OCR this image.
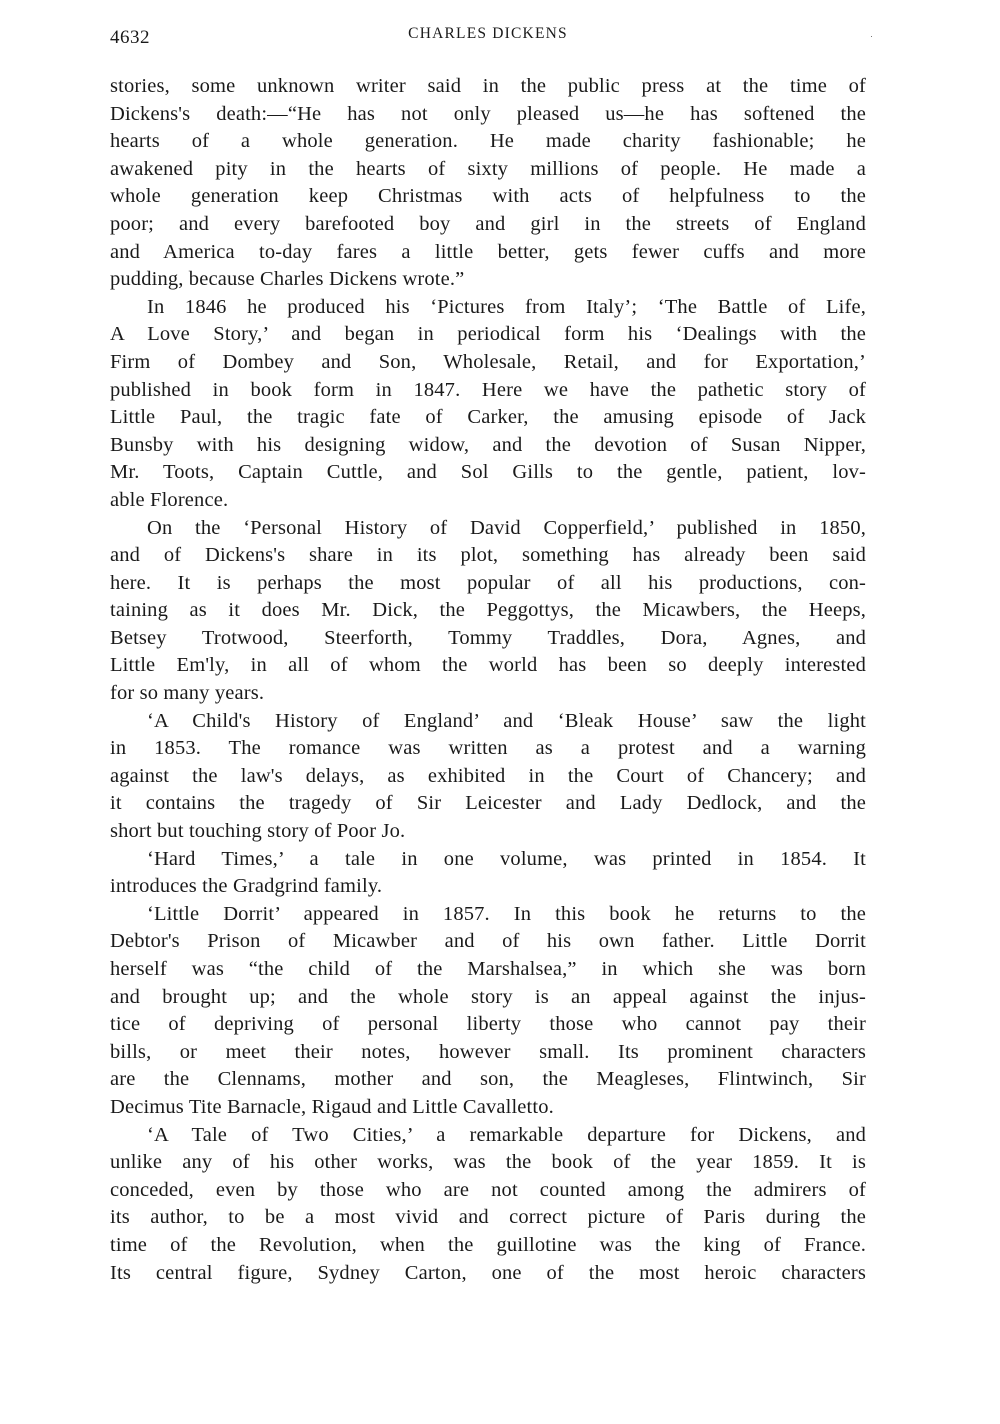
4632	CHARLES DICKENS
stories, some unknown writer said in the public press at the time of
Dickens's death:—“He has not only pleased us—he has softened the
hearts of a whole generation. He made charity fashionable; he
awakened pity in the hearts of sixty millions of people. He made a
whole generation keep Christmas with acts of helpfulness to the
poor; and every barefooted boy and girl in the streets of England
and America to-day fares a little better, gets fewer cuffs and more
pudding, because Charles Dickens wrote.”
In 1846 he produced his ‘Pictures from Italy’; ‘The Battle of Life,
A Love Story,’ and began in periodical form his ‘Dealings with the
Firm of Dombey and Son, Wholesale, Retail, and for Exportation,’
published in book form in 1847. Here we have the pathetic story of
Little Paul, the tragic fate of Carker, the amusing episode of Jack
Bunsby with his designing widow, and the devotion of Susan Nipper,
Mr. Toots, Captain Cuttle, and Sol Gills to the gentle, patient, lov-
able Florence.
On the ‘Personal History of David Copperfield,’ published in 1850,
and of Dickens's share in its plot, something has already been said
here. It is perhaps the most popular of all his productions, con-
taining as it does Mr. Dick, the Peggottys, the Micawbers, the Heeps,
Betsey Trotwood, Steerforth, Tommy Traddles, Dora, Agnes, and
Little Em'ly, in all of whom the world has been so deeply interested
for so many years.
‘A Child's History of England’ and ‘Bleak House’ saw the light
in 1853. The romance was written as a protest and a warning
against the law's delays, as exhibited in the Court of Chancery; and
it contains the tragedy of Sir Leicester and Lady Dedlock, and the
short but touching story of Poor Jo.
‘Hard Times,’ a tale in one volume, was printed in 1854. It
introduces the Gradgrind family.
‘Little Dorrit’ appeared in 1857. In this book he returns to the
Debtor's Prison of Micawber and of his own father. Little Dorrit
herself was “the child of the Marshalsea,” in which she was born
and brought up; and the whole story is an appeal against the injus-
tice of depriving of personal liberty those who cannot pay their
bills, or meet their notes, however small. Its prominent characters
are the Clennams, mother and son, the Meagleses, Flintwinch, Sir
Decimus Tite Barnacle, Rigaud and Little Cavalletto.
‘A Tale of Two Cities,’ a remarkable departure for Dickens, and
unlike any of his other works, was the book of the year 1859. It is
conceded, even by those who are not counted among the admirers of
its author, to be a most vivid and correct picture of Paris during the
time of the Revolution, when the guillotine was the king of France.
Its central figure, Sydney Carton, one of the most heroic characters
